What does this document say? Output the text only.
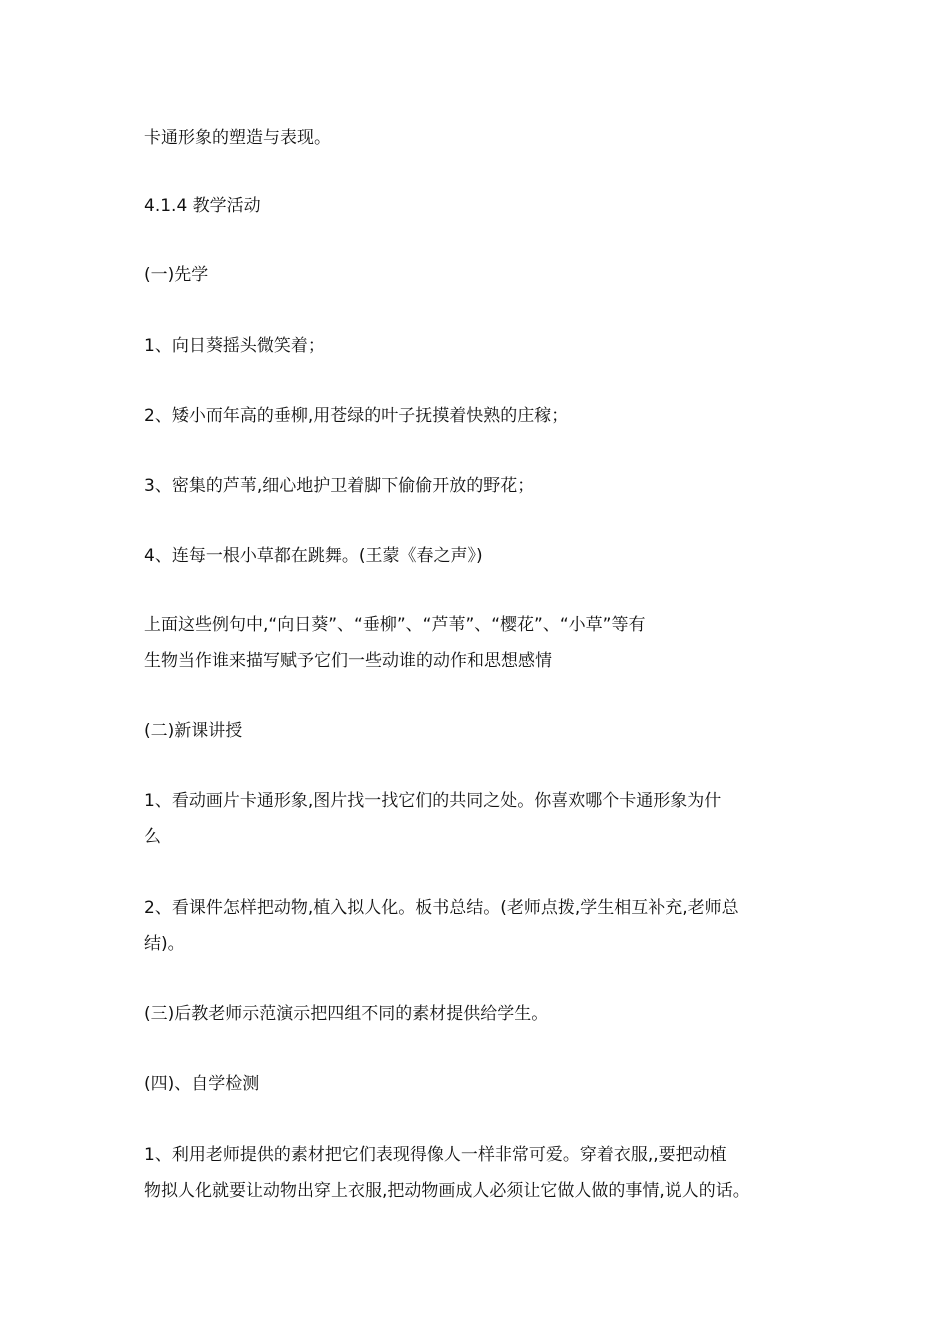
卡通形象的塑造与表现。

4.1.4 教学活动

(一)先学

1、向日葵摇头微笑着；

2、矮小而年高的垂柳,用苍绿的叶子抚摸着快熟的庄稼；

3、密集的芦苇,细心地护卫着脚下偷偷开放的野花；

4、连每一根小草都在跳舞。(王蒙《春之声》)

上面这些例句中,“向日葵”、“垂柳”、“芦苇”、“樱花”、“小草”等有
生物当作谁来描写赋予它们一些动谁的动作和思想感情

(二)新课讲授

1、看动画片卡通形象,图片找一找它们的共同之处。你喜欢哪个卡通形象为什
么

2、看课件怎样把动物,植入拟人化。板书总结。(老师点拨,学生相互补充,老师总
结)。

(三)后教老师示范演示把四组不同的素材提供给学生。

(四)、自学检测

1、利用老师提供的素材把它们表现得像人一样非常可爱。穿着衣服,,要把动植
物拟人化就要让动物出穿上衣服,把动物画成人必须让它做人做的事情,说人的话。
